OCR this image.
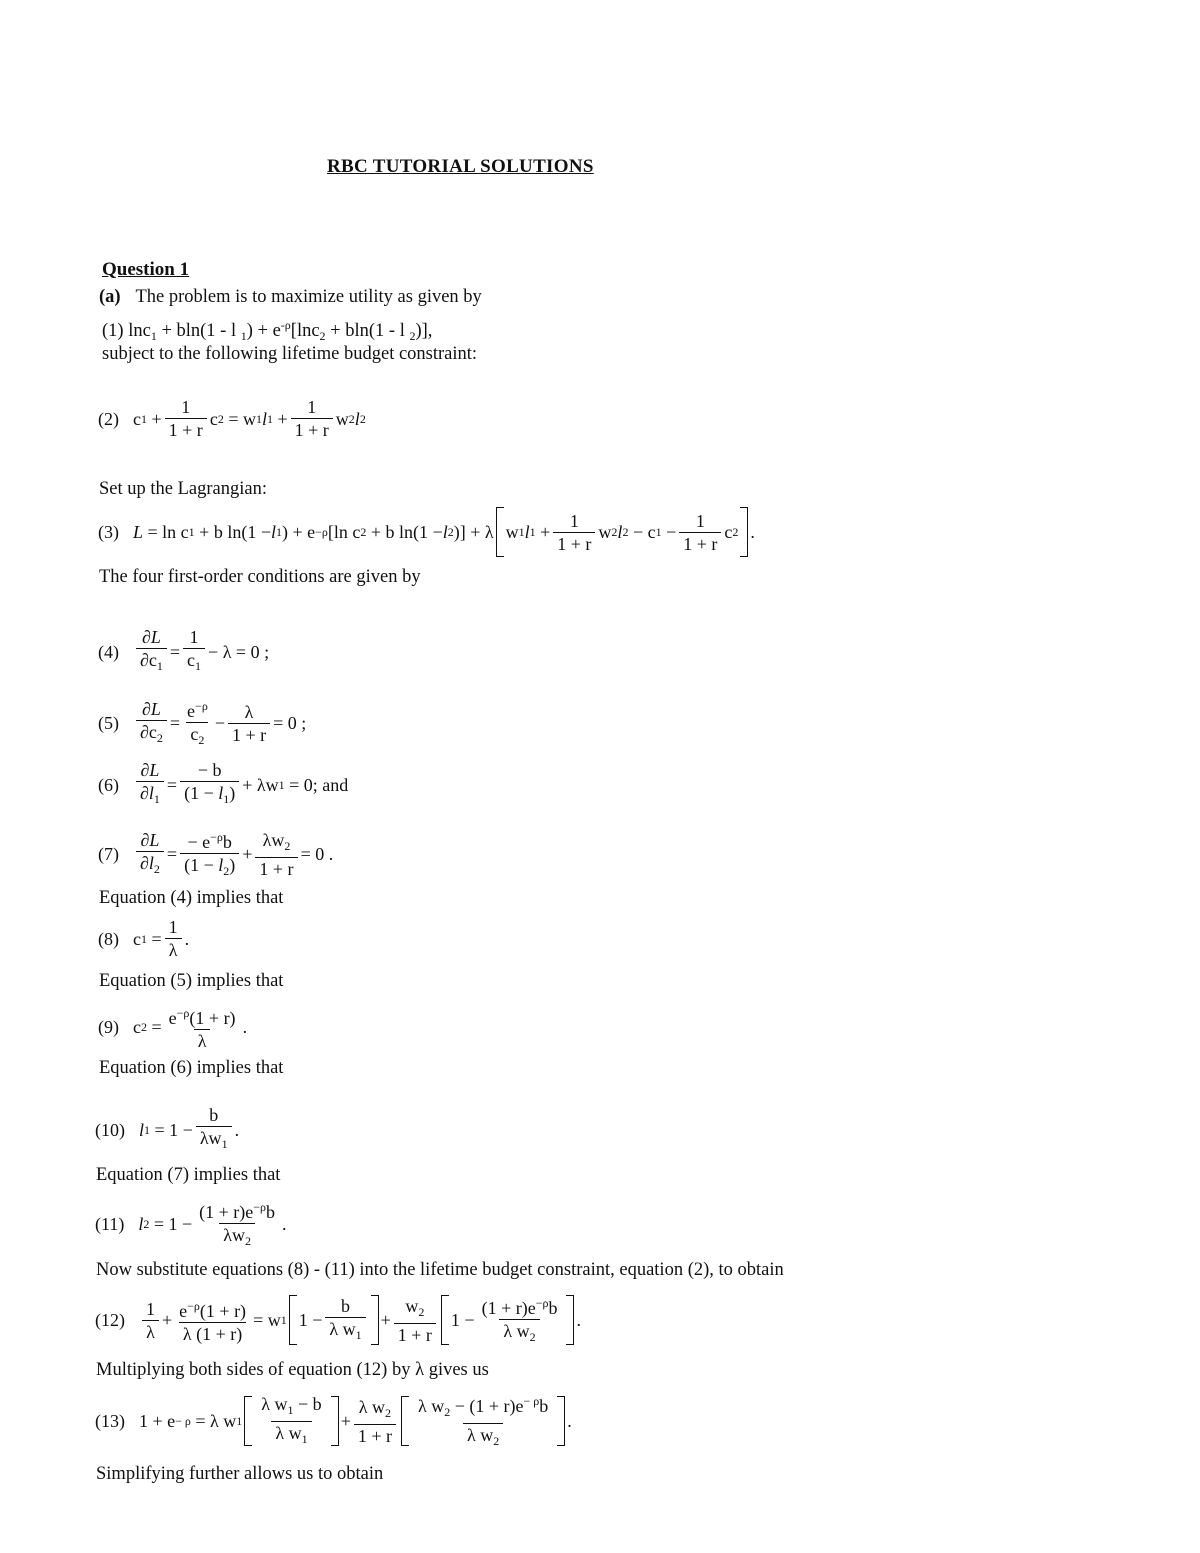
RBC TUTORIAL SOLUTIONS
Question 1
(a) The problem is to maximize utility as given by
(1) lnc$_1$ + bln(1 - l $_1) + e^{-\rho}[\ln c_2 + bln(1 - l$ $_2$)],
subject to the following lifetime budget constraint:
(2) c $1 + \frac{1}{1 + r}$ c 2 = w 1 l $1 + \frac{1}{1 + r}$ w 2 l 2
Set up the Lagrangian:
(3) L = ln c 1 + b ln(1 − l 1 ) + e −ρ [ln c 2 + b ln(1 − l 2 )] + λ
w 1 l $1 + \frac{1}{1 + r}$ w 2 l 2 − c $1 - \frac{1}{1 + r}$ c 2 .
The four first-order conditions are given by
$(4) \frac{\partial L}{\partial c_1} = \frac{1}{c_1} - \lambda = 0$ ;
$(5) \frac{\partial L}{\partial c_2} = \frac{e^{-\rho}}{c_2} - \frac{\lambda}{1 + r} = 0$ ;
$(6) \frac{\partial L}{\partial l_1} = \frac{- b}{(1 - l_1)} + \lambda w$ 1 = 0 ; and
$(7) \frac{\partial L}{\partial l_2} = \frac{- e^{-\rho}b}{(1 - l_2)} + \frac{\lambda w_2}{1 + r} = 0$ .
Equation (4) implies that
(8) c $1 = \frac{1}{\lambda}$ .
Equation (5) implies that
(9) c $2 = \frac{e^{-\rho}(1 + r)}{\lambda}$ .
Equation (6) implies that
(10) l $1 = 1 - \frac{b}{\lambda w_1}$ .
Equation (7) implies that
(11) l $2 = 1 - \frac{(1 + r)e^{-\rho}b}{\lambda w_2}$ .
Now substitute equations (8) - (11) into the lifetime budget constraint, equation (2), to obtain
$(12) \frac{1}{\lambda} + \frac{e^{-\rho}(1 + r)}{\lambda (1 + r)} = w$ 1 $1 - \frac{b}{\lambda w_1} + \frac{w_2}{1 + r} 1 - \frac{(1 + r)e^{-\rho}b}{\lambda w_2}$ .
Multiplying both sides of equation (12) by λ gives us
(13) 1 + e − ρ = λ w $1 \frac{\lambda w_1 - b}{\lambda w_1} + \frac{\lambda w_2}{1 + r} \frac{\lambda w_2 - (1 + r)e^{- \rho}b}{\lambda w_2}$ .
Simplifying further allows us to obtain
